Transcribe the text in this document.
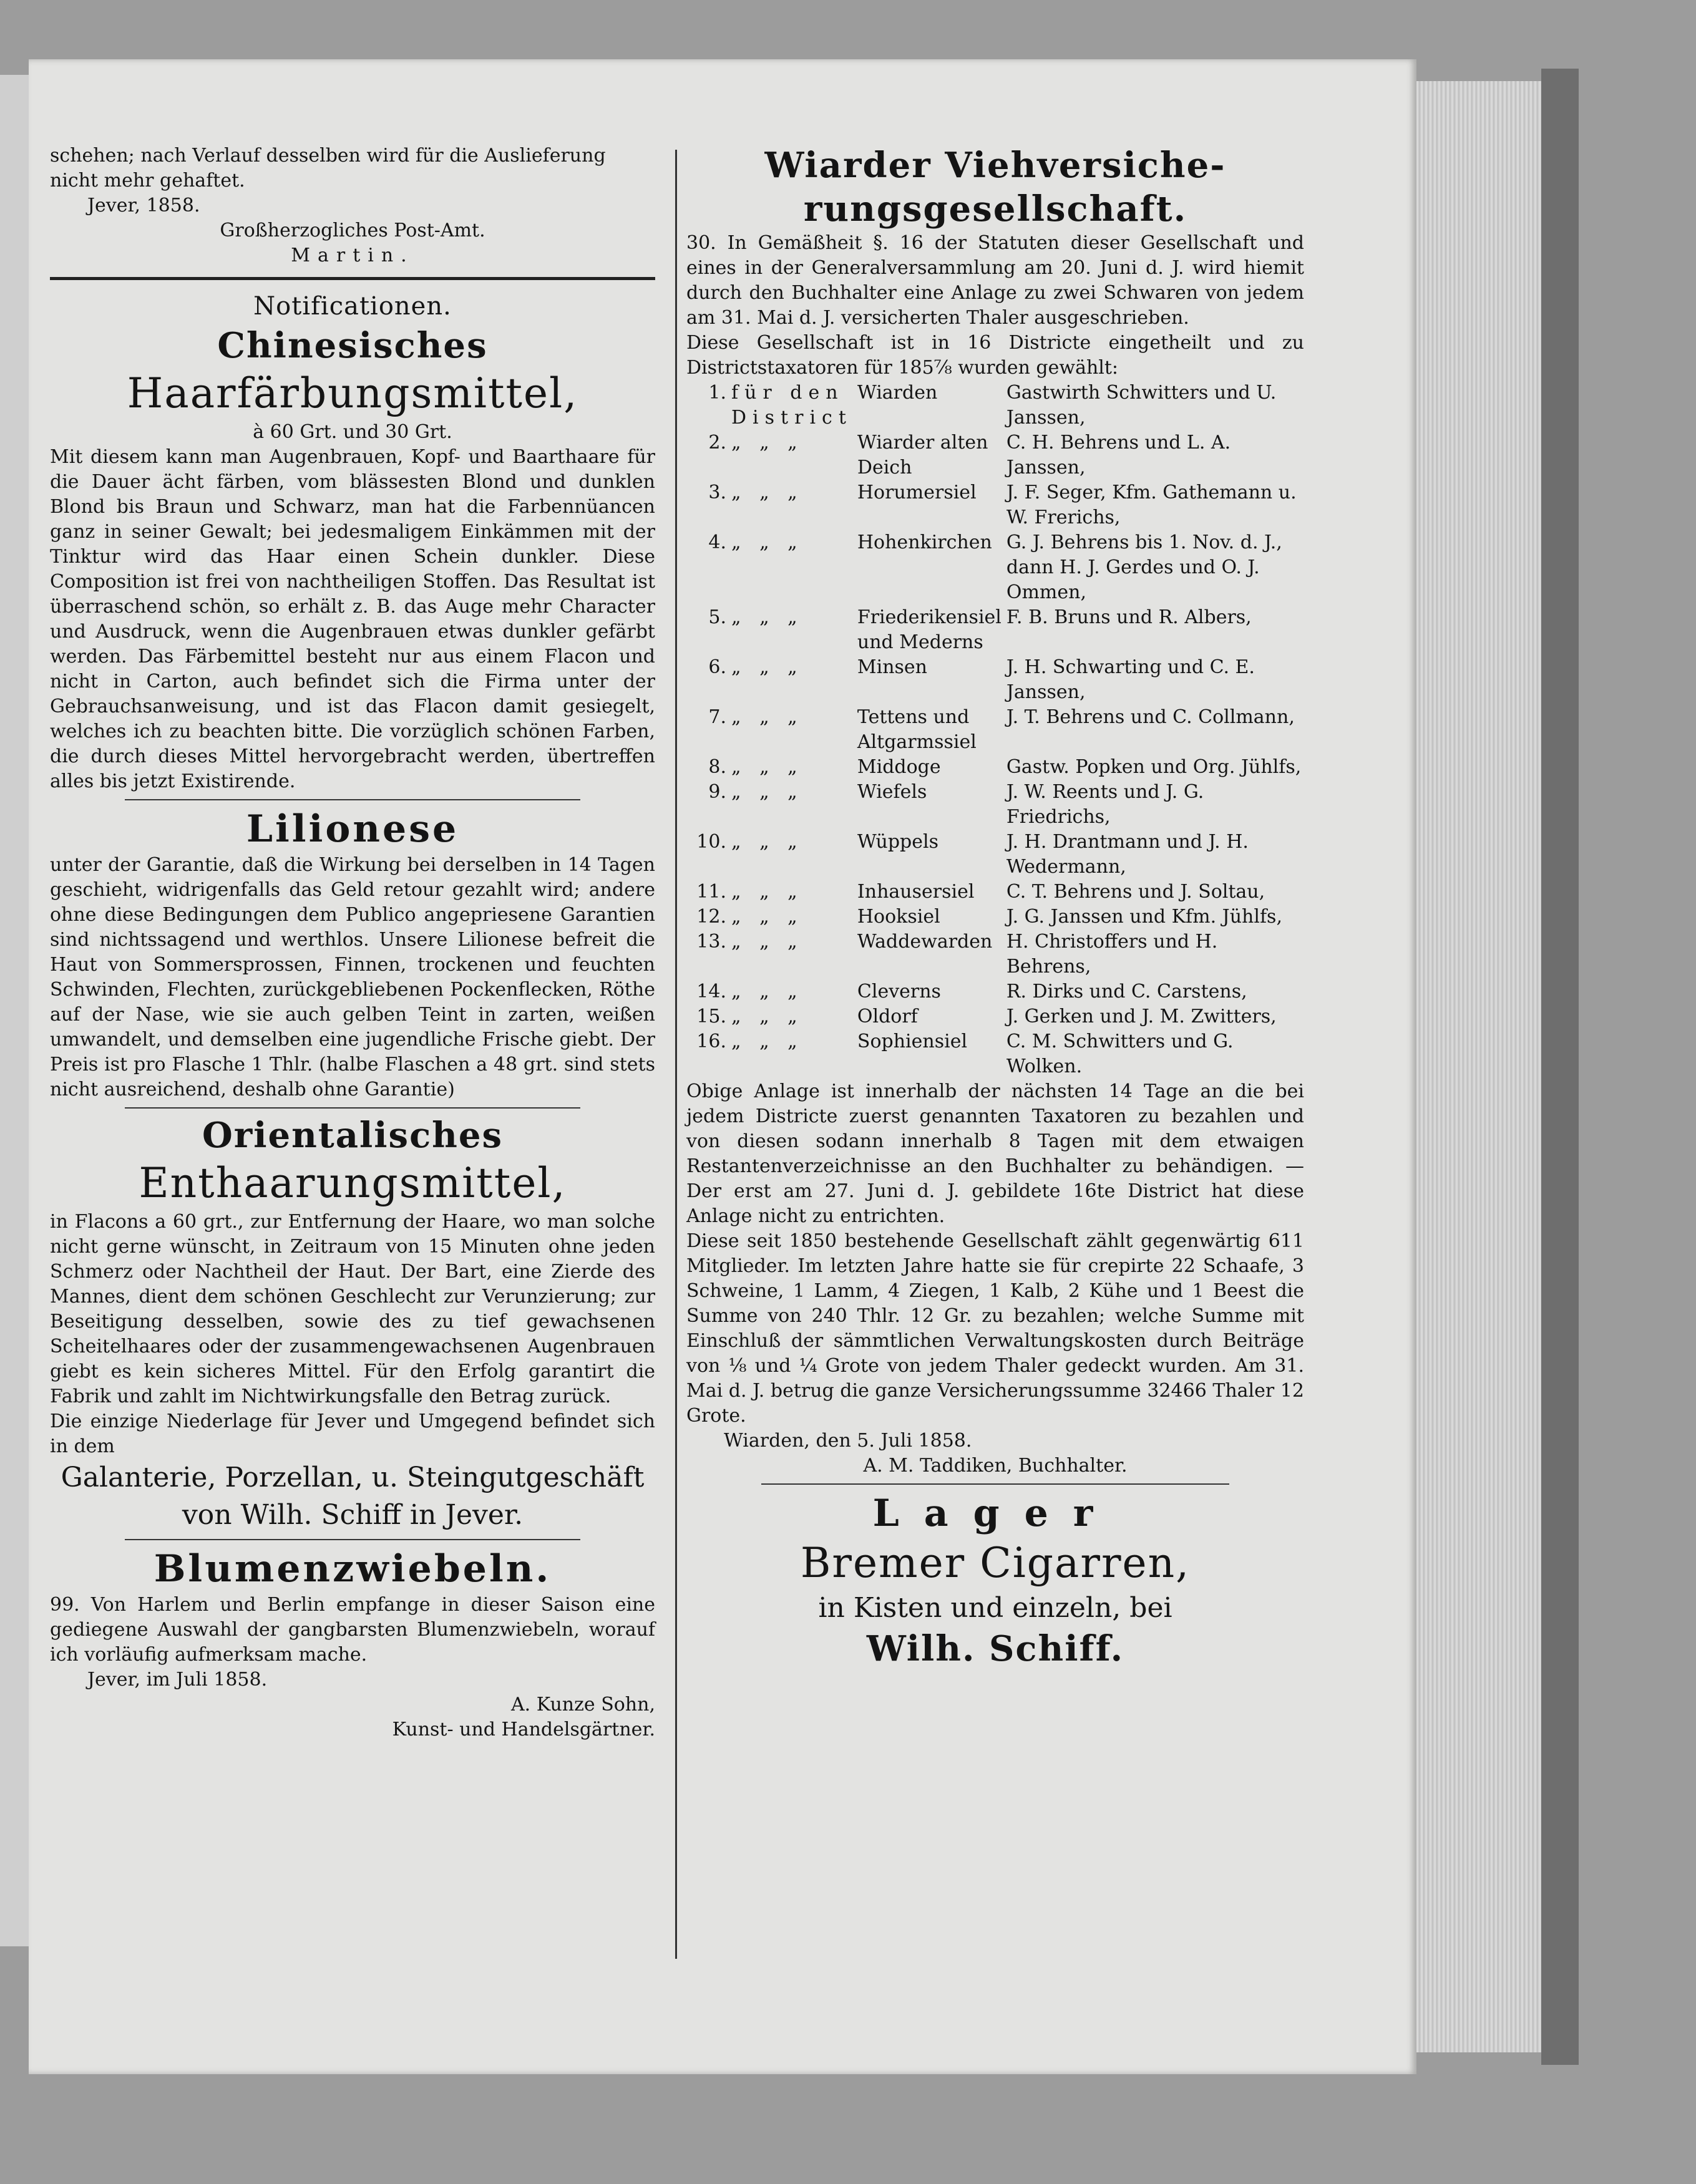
schehen; nach Verlauf desselben wird für die Auslieferung

nicht mehr gehaftet.

Jever, 1858.

Großherzogliches Post-Amt.

Martin.

Notificationen.
Chinesisches
Haarfärbungsmittel,

à 60 Grt. und 30 Grt.

Mit diesem kann man Augenbrauen, Kopf- und Baarthaare für die Dauer ächt färben, vom blässesten Blond und dunklen Blond bis Braun und Schwarz, man hat die Farbennüancen ganz in seiner Gewalt; bei jedesmaligem Einkämmen mit der Tinktur wird das Haar einen Schein dunkler. Diese Composition ist frei von nachtheiligen Stoffen. Das Resultat ist überraschend schön, so erhält z. B. das Auge mehr Character und Ausdruck, wenn die Augenbrauen etwas dunkler gefärbt werden. Das Färbemittel besteht nur aus einem Flacon und nicht in Carton, auch befindet sich die Firma unter der Gebrauchsanweisung, und ist das Flacon damit gesiegelt, welches ich zu beachten bitte. Die vorzüglich schönen Farben, die durch dieses Mittel hervorgebracht werden, übertreffen alles bis jetzt Existirende.

Lilionese

unter der Garantie, daß die Wirkung bei derselben in 14 Tagen geschieht, widrigenfalls das Geld retour gezahlt wird; andere ohne diese Bedingungen dem Publico angepriesene Garantien sind nichtssagend und werthlos. Unsere Lilionese befreit die Haut von Sommersprossen, Finnen, trockenen und feuchten Schwinden, Flechten, zurückgebliebenen Pockenflecken, Röthe auf der Nase, wie sie auch gelben Teint in zarten, weißen umwandelt, und demselben eine jugendliche Frische giebt. Der Preis ist pro Flasche 1 Thlr. (halbe Flaschen a 48 grt. sind stets nicht ausreichend, deshalb ohne Garantie)

Orientalisches
Enthaarungsmittel,

in Flacons a 60 grt., zur Entfernung der Haare, wo man solche nicht gerne wünscht, in Zeitraum von 15 Minuten ohne jeden Schmerz oder Nachtheil der Haut. Der Bart, eine Zierde des Mannes, dient dem schönen Geschlecht zur Verunzierung; zur Beseitigung desselben, sowie des zu tief gewachsenen Scheitelhaares oder der zusammengewachsenen Augenbrauen giebt es kein sicheres Mittel. Für den Erfolg garantirt die Fabrik und zahlt im Nichtwirkungsfalle den Betrag zurück.

Die einzige Niederlage für Jever und Umgegend befindet sich in dem

Galanterie, Porzellan, u. Steingutgeschäft
von Wilh. Schiff in Jever.
Blumenzwiebeln.

99. Von Harlem und Berlin empfange in dieser Saison eine gediegene Auswahl der gangbarsten Blumenzwiebeln, worauf ich vorläufig aufmerksam mache.

Jever, im Juli 1858.

A. Kunze Sohn,

Kunst- und Handelsgärtner.

Wiarder Viehversiche-
rungsgesellschaft.

30. In Gemäßheit §. 16 der Statuten dieser Gesellschaft und eines in der Generalversammlung am 20. Juni d. J. wird hiemit durch den Buchhalter eine Anlage zu zwei Schwaren von jedem am 31. Mai d. J. versicherten Thaler ausgeschrieben.

Diese Gesellschaft ist in 16 Districte eingetheilt und zu Districtstaxatoren für 185⅞ wurden gewählt:

1.	für den District	Wiarden	Gastwirth Schwitters und U. Janssen,
2.	„ „ „	Wiarder alten Deich	C. H. Behrens und L. A. Janssen,
3.	„ „ „	Horumersiel	J. F. Seger, Kfm. Gathemann u. W. Frerichs,
4.	„ „ „	Hohenkirchen	G. J. Behrens bis 1. Nov. d. J., dann H. J. Gerdes und O. J. Ommen,
5.	„ „ „	Friederikensiel und Mederns	F. B. Bruns und R. Albers,
6.	„ „ „	Minsen	J. H. Schwarting und C. E. Janssen,
7.	„ „ „	Tettens und Altgarmssiel	J. T. Behrens und C. Collmann,
8.	„ „ „	Middoge	Gastw. Popken und Org. Jühlfs,
9.	„ „ „	Wiefels	J. W. Reents und J. G. Friedrichs,
10.	„ „ „	Wüppels	J. H. Drantmann und J. H. Wedermann,
11.	„ „ „	Inhausersiel	C. T. Behrens und J. Soltau,
12.	„ „ „	Hooksiel	J. G. Janssen und Kfm. Jühlfs,
13.	„ „ „	Waddewarden	H. Christoffers und H. Behrens,
14.	„ „ „	Cleverns	R. Dirks und C. Carstens,
15.	„ „ „	Oldorf	J. Gerken und J. M. Zwitters,
16.	„ „ „	Sophiensiel	C. M. Schwitters und G. Wolken.

Obige Anlage ist innerhalb der nächsten 14 Tage an die bei jedem Districte zuerst genannten Taxatoren zu bezahlen und von diesen sodann innerhalb 8 Tagen mit dem etwaigen Restantenverzeichnisse an den Buchhalter zu behändigen. — Der erst am 27. Juni d. J. gebildete 16te District hat diese Anlage nicht zu entrichten.

Diese seit 1850 bestehende Gesellschaft zählt gegenwärtig 611 Mitglieder. Im letzten Jahre hatte sie für crepirte 22 Schaafe, 3 Schweine, 1 Lamm, 4 Ziegen, 1 Kalb, 2 Kühe und 1 Beest die Summe von 240 Thlr. 12 Gr. zu bezahlen; welche Summe mit Einschluß der sämmtlichen Verwaltungskosten durch Beiträge von ⅛ und ¼ Grote von jedem Thaler gedeckt wurden. Am 31. Mai d. J. betrug die ganze Versicherungssumme 32466 Thaler 12 Grote.

Wiarden, den 5. Juli 1858.

A. M. Taddiken, Buchhalter.

Lager
Bremer Cigarren,
in Kisten und einzeln, bei
Wilh. Schiff.
